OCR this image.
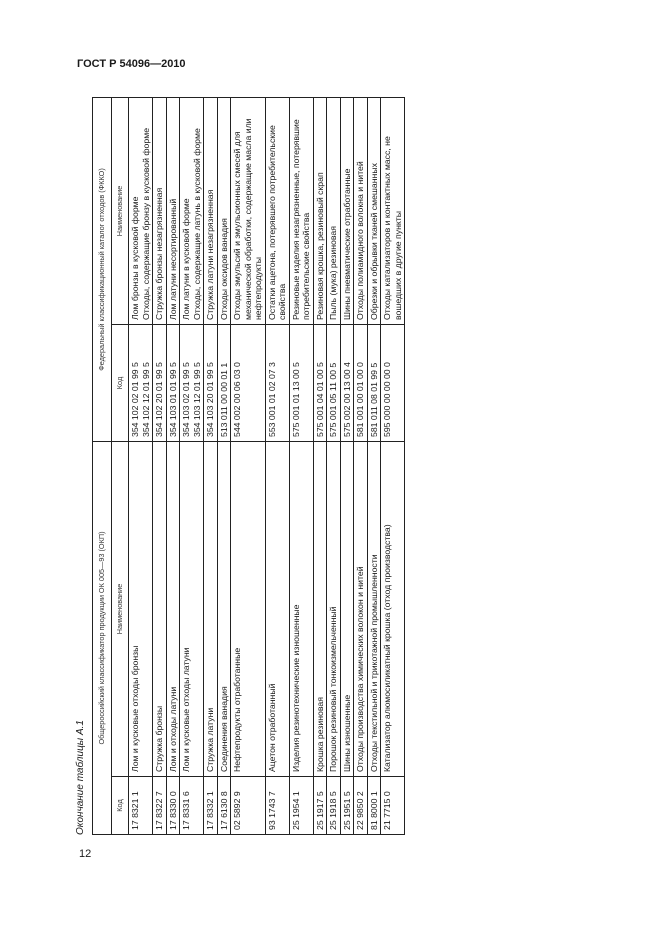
ГОСТ Р 54096—2010
12
Окончание таблицы А.1
Общероссийский классификатор продукции ОК 005—93 (ОКП)		Федеральный классификационный каталог отходов (ФККО)	
Код	Наименование	Код	Наименование
17 8321 1	Лом и кусковые отходы бронзы	354 102 02 01 99 5 354 102 12 01 99 5	Лом бронзы в кусковой форме Отходы, содержащие бронзу в кусковой форме

17 8322 7	Стружка бронзы	354 102 20 01 99 5	Стружка бронзы незагрязненная

17 8330 0	Лом и отходы латуни	354 103 01 01 99 5	Лом латуни несортированный

17 8331 6	Лом и кусковые отходы латуни	354 103 02 01 99 5 354 103 12 01 99 5	Лом латуни в кусковой форме Отходы, содержащие латунь в кусковой форме

17 8332 1	Стружка латуни	354 103 20 01 99 5	Стружка латуни незагрязненная

17 6130 8	Соединения ванадия	513 011 00 00 01 1	Отходы оксидов ванадия

02 5892 9	Нефтепродукты отработанные	544 002 00 06 03 0	Отходы эмульсий и эмульсионных смесей для механической обработки, содержащие масла или нефтепродукты

93 1743 7	Ацетон отработанный	553 001 01 02 07 3	Остатки ацетона, потерявшего потребительские свойства

25 1954 1	Изделия резинотехнические изношенные	575 001 01 13 00 5	Резиновые изделия незагрязненные, потерявшие потребительские свойства

25 1917 5	Крошка резиновая	575 001 04 01 00 5	Резиновая крошка, резиновый скрап

25 1918 5	Порошок резиновый тонкоизмельченный	575 001 05 11 00 5	Пыль (мука) резиновая

25 1951 5	Шины изношенные	575 002 00 13 00 4	Шины пневматические отработанные

22 9850 2	Отходы производства химических волокон и нитей	581 001 00 01 00 0	Отходы полиамидного волокна и нитей

81 8000 1	Отходы текстильной и трикотажной промышленности	581 011 08 01 99 5	Обрезки и обрывки тканей смешанных

21 7715 0	Катализатор алюмосиликатный крошка (отход производства)	595 000 00 00 00 0	Отходы катализаторов и контактных масс, не вошедших в другие пункты
